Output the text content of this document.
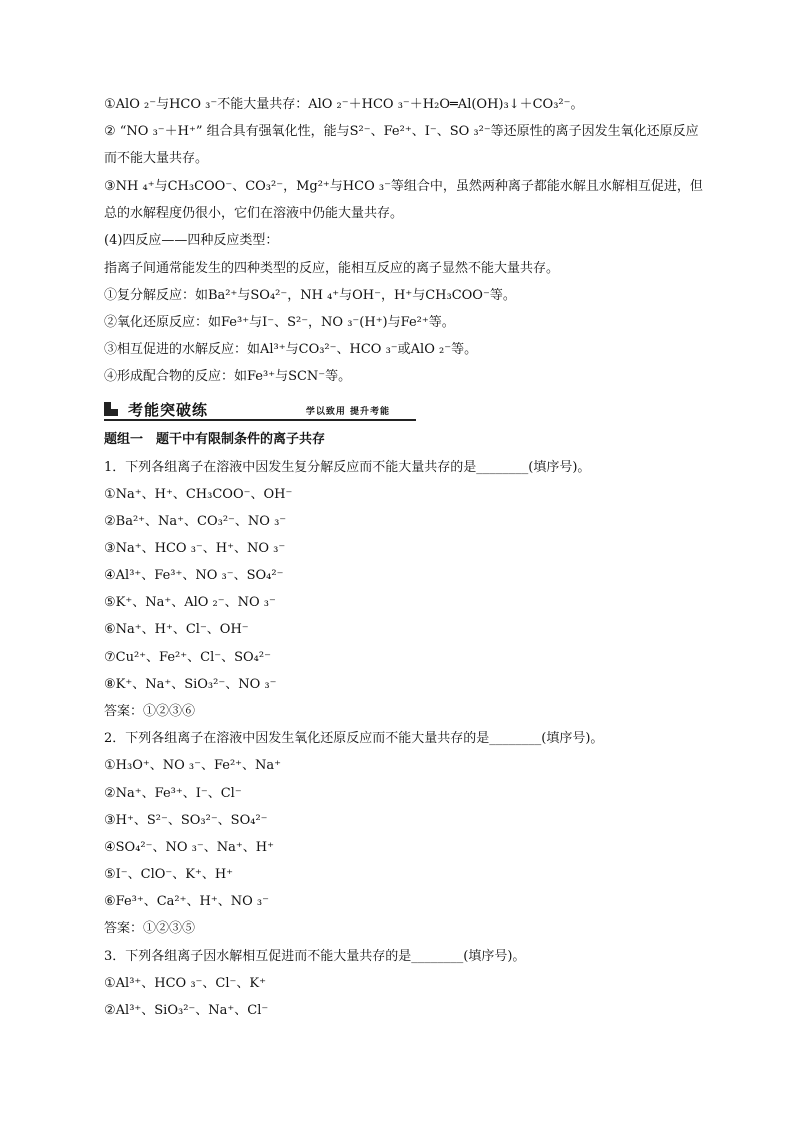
①AlO ₂⁻与HCO ₃⁻不能大量共存：AlO ₂⁻＋HCO ₃⁻＋H₂O═Al(OH)₃↓＋CO₃²⁻。
② “NO ₃⁻＋H⁺” 组合具有强氧化性，能与S²⁻、Fe²⁺、I⁻、SO ₃²⁻等还原性的离子因发生氧化还原反应
而不能大量共存。
③NH ₄⁺与CH₃COO⁻、CO₃²⁻，Mg²⁺与HCO ₃⁻等组合中，虽然两种离子都能水解且水解相互促进，但
总的水解程度仍很小，它们在溶液中仍能大量共存。
(4)四反应——四种反应类型：
指离子间通常能发生的四种类型的反应，能相互反应的离子显然不能大量共存。
①复分解反应：如Ba²⁺与SO₄²⁻，NH ₄⁺与OH⁻，H⁺与CH₃COO⁻等。
②氧化还原反应：如Fe³⁺与I⁻、S²⁻，NO ₃⁻(H⁺)与Fe²⁺等。
③相互促进的水解反应：如Al³⁺与CO₃²⁻、HCO ₃⁻或AlO ₂⁻等。
④形成配合物的反应：如Fe³⁺与SCN⁻等。
考能突破练	学以致用 提升考能
题组一　题干中有限制条件的离子共存
1．下列各组离子在溶液中因发生复分解反应而不能大量共存的是________(填序号)。
①Na⁺、H⁺、CH₃COO⁻、OH⁻
②Ba²⁺、Na⁺、CO₃²⁻、NO ₃⁻
③Na⁺、HCO ₃⁻、H⁺、NO ₃⁻
④Al³⁺、Fe³⁺、NO ₃⁻、SO₄²⁻
⑤K⁺、Na⁺、AlO ₂⁻、NO ₃⁻
⑥Na⁺、H⁺、Cl⁻、OH⁻
⑦Cu²⁺、Fe²⁺、Cl⁻、SO₄²⁻
⑧K⁺、Na⁺、SiO₃²⁻、NO ₃⁻
答案：①②③⑥
2．下列各组离子在溶液中因发生氧化还原反应而不能大量共存的是________(填序号)。
①H₃O⁺、NO ₃⁻、Fe²⁺、Na⁺
②Na⁺、Fe³⁺、I⁻、Cl⁻
③H⁺、S²⁻、SO₃²⁻、SO₄²⁻
④SO₄²⁻、NO ₃⁻、Na⁺、H⁺
⑤I⁻、ClO⁻、K⁺、H⁺
⑥Fe³⁺、Ca²⁺、H⁺、NO ₃⁻
答案：①②③⑤
3．下列各组离子因水解相互促进而不能大量共存的是________(填序号)。
①Al³⁺、HCO ₃⁻、Cl⁻、K⁺
②Al³⁺、SiO₃²⁻、Na⁺、Cl⁻
